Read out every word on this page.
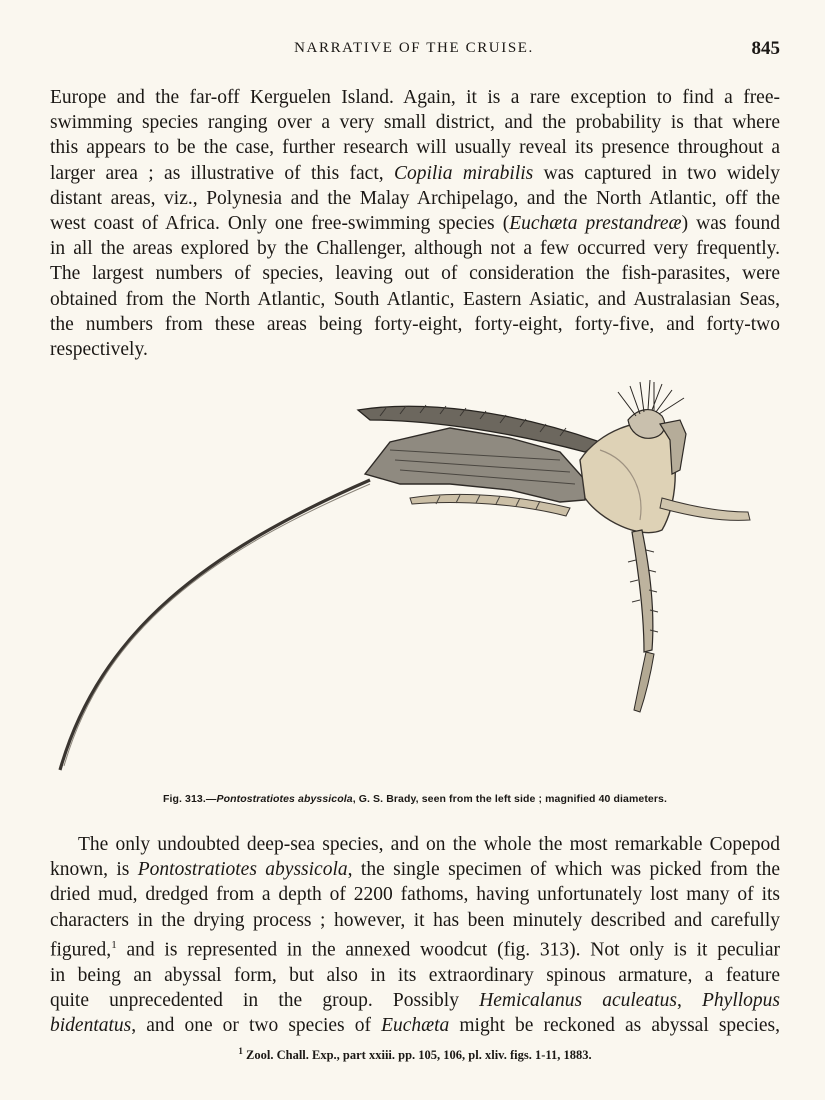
NARRATIVE OF THE CRUISE.	845
Europe and the far-off Kerguelen Island. Again, it is a rare exception to find a free-
swimming species ranging over a very small district, and the probability is that where
this appears to be the case, further research will usually reveal its presence throughout a
larger area ; as illustrative of this fact, Copilia mirabilis was captured in two widely
distant areas, viz., Polynesia and the Malay Archipelago, and the North Atlantic, off the
west coast of Africa. Only one free-swimming species (Euchæta prestandreæ) was found
in all the areas explored by the Challenger, although not a few occurred very frequently.
The largest numbers of species, leaving out of consideration the fish-parasites, were
obtained from the North Atlantic, South Atlantic, Eastern Asiatic, and Australasian Seas,
the numbers from these areas being forty-eight, forty-eight, forty-five, and forty-two
respectively.
Fig. 313.—Pontostratiotes abyssicola, G. S. Brady, seen from the left side ; magnified 40 diameters.
The only undoubted deep-sea species, and on the whole the most remarkable Copepod
known, is Pontostratiotes abyssicola, the single specimen of which was picked from the
dried mud, dredged from a depth of 2200 fathoms, having unfortunately lost many of its
characters in the drying process ; however, it has been minutely described and carefully
figured,$^1$ and is represented in the annexed woodcut (fig. 313). Not only is it peculiar
in being an abyssal form, but also in its extraordinary spinous armature, a feature
quite unprecedented in the group. Possibly Hemicalanus aculeatus, Phyllopus
bidentatus, and one or two species of Euchæta might be reckoned as abyssal species,
$^1$ Zool. Chall. Exp., part xxiii. pp. 105, 106, pl. xliv. figs. 1-11, 1883.
